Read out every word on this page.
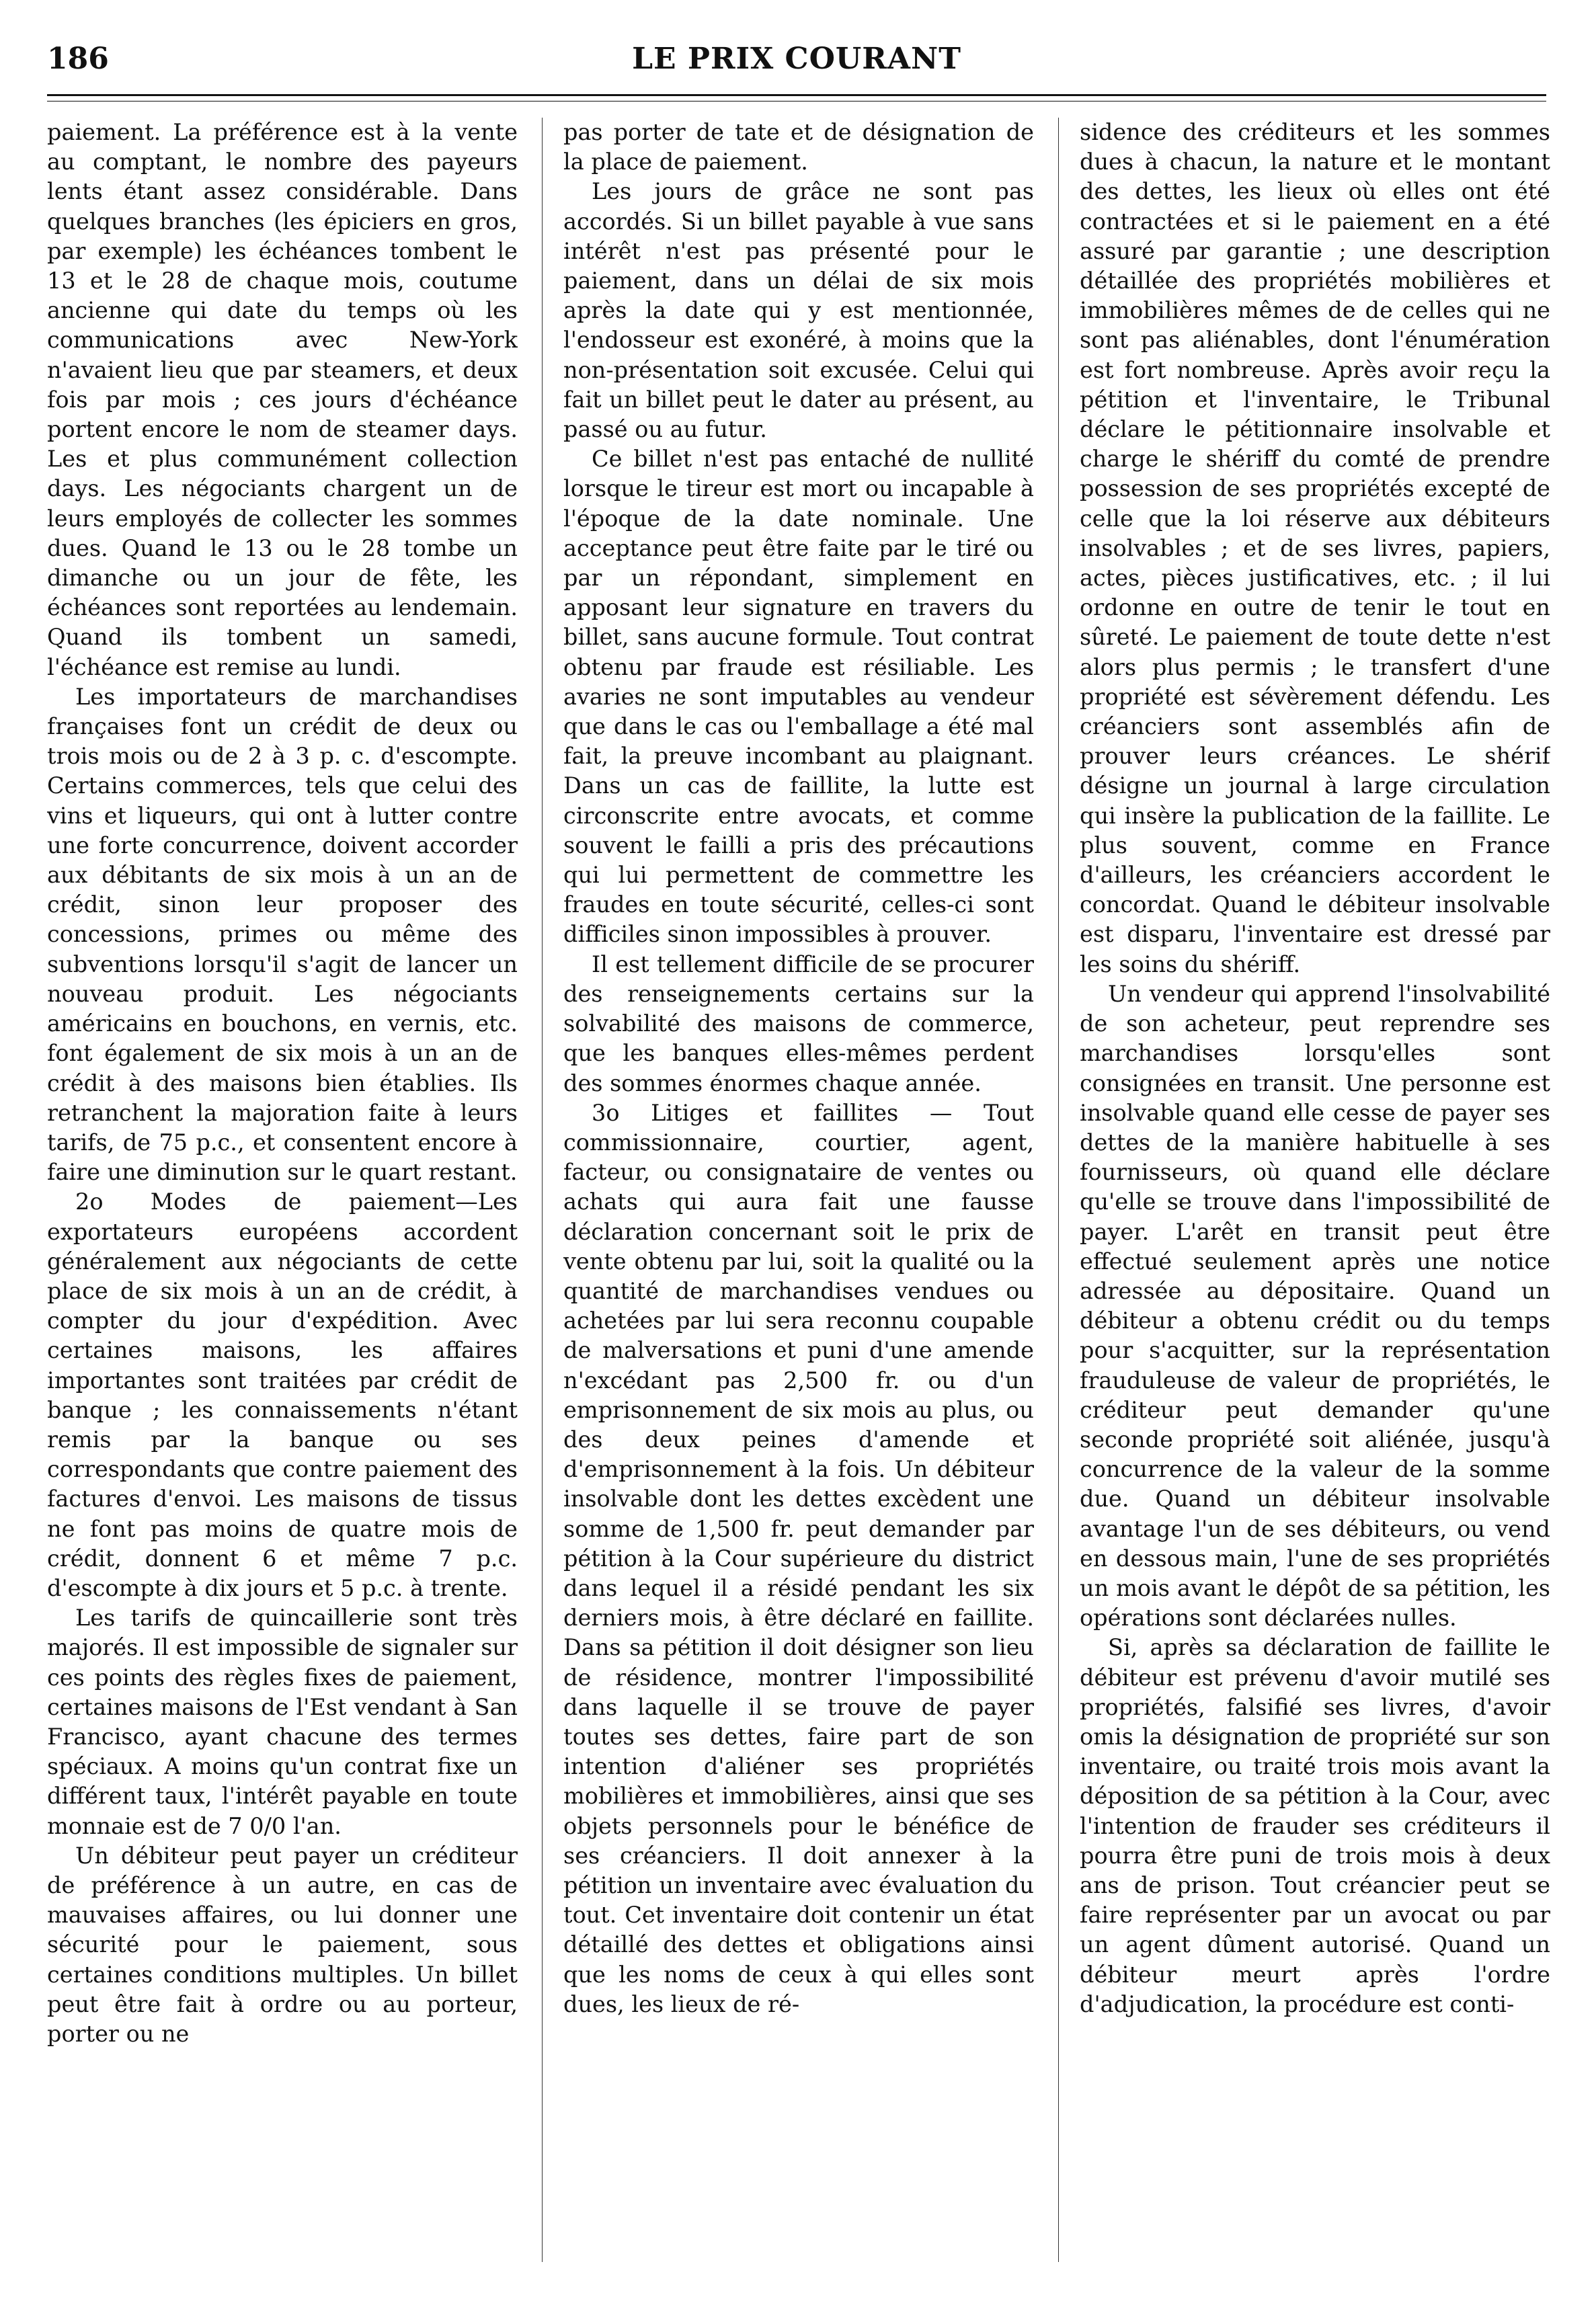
186	LE PRIX COURANT

paiement. La préférence est à la vente au comptant, le nombre des payeurs lents étant assez considérable. Dans quelques branches (les épiciers en gros, par exemple) les échéances tombent le 13 et le 28 de chaque mois, coutume ancienne qui date du temps où les communications avec New-York n'avaient lieu que par steamers, et deux fois par mois ; ces jours d'échéance portent encore le nom de steamer days. Les et plus communément collection days. Les négociants chargent un de leurs employés de collecter les sommes dues. Quand le 13 ou le 28 tombe un dimanche ou un jour de fête, les échéances sont reportées au lendemain. Quand ils tombent un samedi, l'échéance est remise au lundi.

Les importateurs de marchandises françaises font un crédit de deux ou trois mois ou de 2 à 3 p. c. d'escompte. Certains commerces, tels que celui des vins et liqueurs, qui ont à lutter contre une forte concurrence, doivent accorder aux débitants de six mois à un an de crédit, sinon leur proposer des concessions, primes ou même des subventions lorsqu'il s'agit de lancer un nouveau produit. Les négociants américains en bouchons, en vernis, etc. font également de six mois à un an de crédit à des maisons bien établies. Ils retranchent la majoration faite à leurs tarifs, de 75 p.c., et consentent encore à faire une diminution sur le quart restant.

2o Modes de paiement—Les exportateurs européens accordent généralement aux négociants de cette place de six mois à un an de crédit, à compter du jour d'expédition. Avec certaines maisons, les affaires importantes sont traitées par crédit de banque ; les connaissements n'étant remis par la banque ou ses correspondants que contre paiement des factures d'envoi. Les maisons de tissus ne font pas moins de quatre mois de crédit, donnent 6 et même 7 p.c. d'escompte à dix jours et 5 p.c. à trente.

Les tarifs de quincaillerie sont très majorés. Il est impossible de signaler sur ces points des règles fixes de paiement, certaines maisons de l'Est vendant à San Francisco, ayant chacune des termes spéciaux. A moins qu'un contrat fixe un différent taux, l'intérêt payable en toute monnaie est de 7 0/0 l'an.

Un débiteur peut payer un créditeur de préférence à un autre, en cas de mauvaises affaires, ou lui donner une sécurité pour le paiement, sous certaines conditions multiples. Un billet peut être fait à ordre ou au porteur, porter ou ne

pas porter de tate et de désignation de la place de paiement.

Les jours de grâce ne sont pas accordés. Si un billet payable à vue sans intérêt n'est pas présenté pour le paiement, dans un délai de six mois après la date qui y est mentionnée, l'endosseur est exonéré, à moins que la non-présentation soit excusée. Celui qui fait un billet peut le dater au présent, au passé ou au futur.

Ce billet n'est pas entaché de nullité lorsque le tireur est mort ou incapable à l'époque de la date nominale. Une acceptance peut être faite par le tiré ou par un répondant, simplement en apposant leur signature en travers du billet, sans aucune formule. Tout contrat obtenu par fraude est résiliable. Les avaries ne sont imputables au vendeur que dans le cas ou l'emballage a été mal fait, la preuve incombant au plaignant. Dans un cas de faillite, la lutte est circonscrite entre avocats, et comme souvent le failli a pris des précautions qui lui permettent de commettre les fraudes en toute sécurité, celles-ci sont difficiles sinon impossibles à prouver.

Il est tellement difficile de se procurer des renseignements certains sur la solvabilité des maisons de commerce, que les banques elles-mêmes perdent des sommes énormes chaque année.

3o Litiges et faillites — Tout commissionnaire, courtier, agent, facteur, ou consignataire de ventes ou achats qui aura fait une fausse déclaration concernant soit le prix de vente obtenu par lui, soit la qualité ou la quantité de marchandises vendues ou achetées par lui sera reconnu coupable de malversations et puni d'une amende n'excédant pas 2,500 fr. ou d'un emprisonnement de six mois au plus, ou des deux peines d'amende et d'emprisonnement à la fois. Un débiteur insolvable dont les dettes excèdent une somme de 1,500 fr. peut demander par pétition à la Cour supérieure du district dans lequel il a résidé pendant les six derniers mois, à être déclaré en faillite. Dans sa pétition il doit désigner son lieu de résidence, montrer l'impossibilité dans laquelle il se trouve de payer toutes ses dettes, faire part de son intention d'aliéner ses propriétés mobilières et immobilières, ainsi que ses objets personnels pour le bénéfice de ses créanciers. Il doit annexer à la pétition un inventaire avec évaluation du tout. Cet inventaire doit contenir un état détaillé des dettes et obligations ainsi que les noms de ceux à qui elles sont dues, les lieux de ré-

sidence des créditeurs et les sommes dues à chacun, la nature et le montant des dettes, les lieux où elles ont été contractées et si le paiement en a été assuré par garantie ; une description détaillée des propriétés mobilières et immobilières mêmes de de celles qui ne sont pas aliénables, dont l'énumération est fort nombreuse. Après avoir reçu la pétition et l'inventaire, le Tribunal déclare le pétitionnaire insolvable et charge le shériff du comté de prendre possession de ses propriétés excepté de celle que la loi réserve aux débiteurs insolvables ; et de ses livres, papiers, actes, pièces justificatives, etc. ; il lui ordonne en outre de tenir le tout en sûreté. Le paiement de toute dette n'est alors plus permis ; le transfert d'une propriété est sévèrement défendu. Les créanciers sont assemblés afin de prouver leurs créances. Le shérif désigne un journal à large circulation qui insère la publication de la faillite. Le plus souvent, comme en France d'ailleurs, les créanciers accordent le concordat. Quand le débiteur insolvable est disparu, l'inventaire est dressé par les soins du shériff.

Un vendeur qui apprend l'insolvabilité de son acheteur, peut reprendre ses marchandises lorsqu'elles sont consignées en transit. Une personne est insolvable quand elle cesse de payer ses dettes de la manière habituelle à ses fournisseurs, où quand elle déclare qu'elle se trouve dans l'impossibilité de payer. L'arêt en transit peut être effectué seulement après une notice adressée au dépositaire. Quand un débiteur a obtenu crédit ou du temps pour s'acquitter, sur la représentation frauduleuse de valeur de propriétés, le créditeur peut demander qu'une seconde propriété soit aliénée, jusqu'à concurrence de la valeur de la somme due. Quand un débiteur insolvable avantage l'un de ses débiteurs, ou vend en dessous main, l'une de ses propriétés un mois avant le dépôt de sa pétition, les opérations sont déclarées nulles.

Si, après sa déclaration de faillite le débiteur est prévenu d'avoir mutilé ses propriétés, falsifié ses livres, d'avoir omis la désignation de propriété sur son inventaire, ou traité trois mois avant la déposition de sa pétition à la Cour, avec l'intention de frauder ses créditeurs il pourra être puni de trois mois à deux ans de prison. Tout créancier peut se faire représenter par un avocat ou par un agent dûment autorisé. Quand un débiteur meurt après l'ordre d'adjudication, la procédure est conti-
